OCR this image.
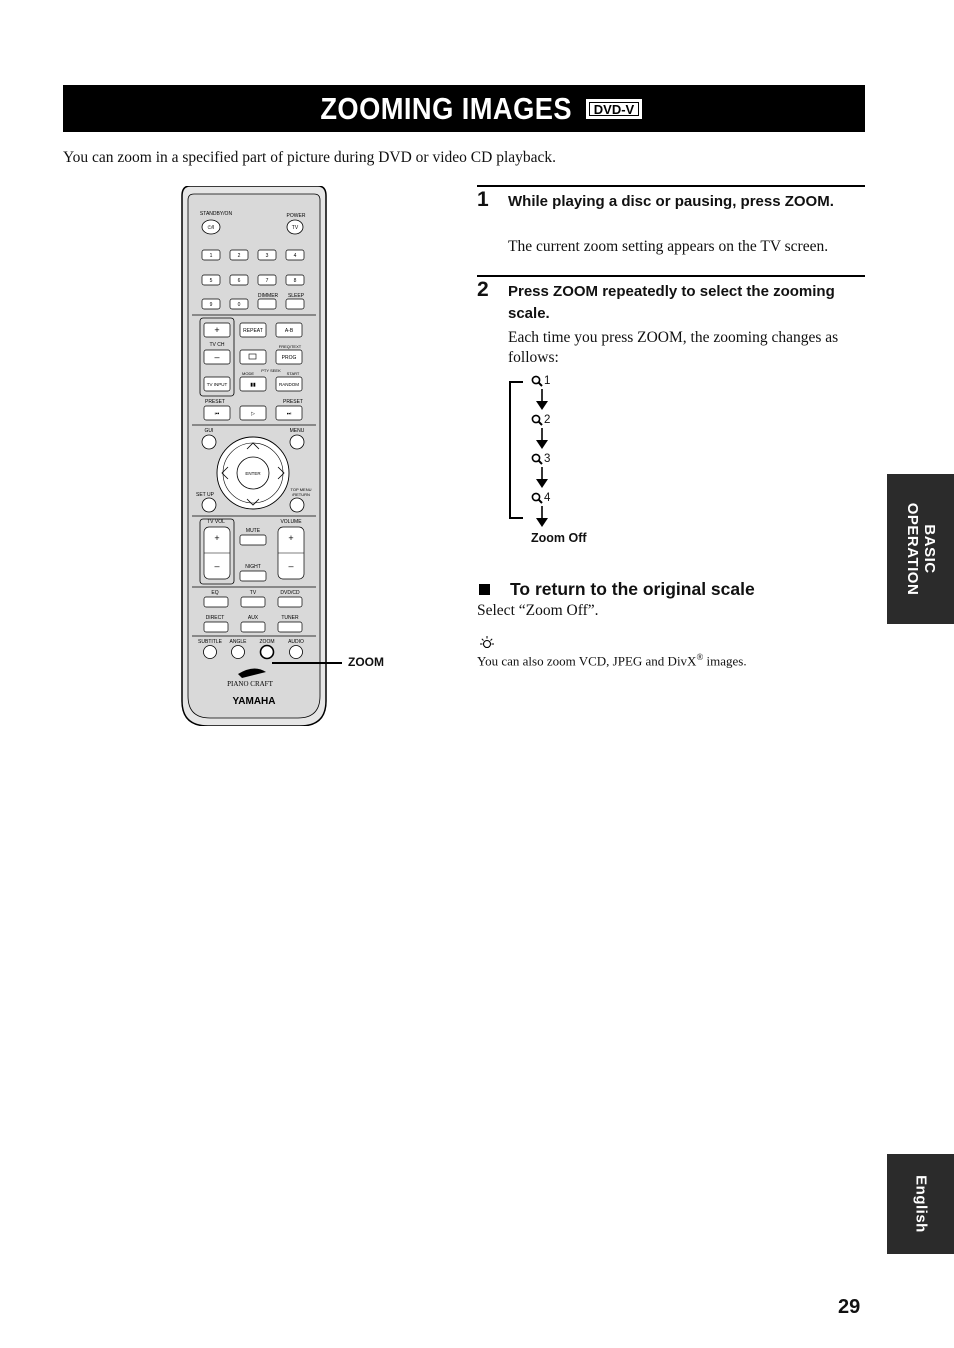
ZOOMING IMAGES	DVD-V

You can zoom in a specified part of picture during DVD or video CD playback.

STANDBY/ON	POWER
⏻/I	TV
1	2	3	4
5	6	7	8
9	0
DIMMER SLEEP
+
TV CH
–
TV INPUT
REPEAT	A-B
FREQ/TEXT
PROG
MODE
PTY SEEK
START
▮▮	RANDOM
PRESET	PRESET
⏮	▷	⏭
GUI	MENU
ENTER
SET UP
TOP MENU
/RETURN
TV VOL
+
–
VOLUME
+
–
MUTE
NIGHT
EQ	TV	DVD/CD
DIRECT	AUX	TUNER
SUBTITLE ANGLE	ZOOM	AUDIO
PIANO CRAFT
YAMAHA
ZOOM
1 While playing a disc or pausing, press ZOOM.
The current zoom setting appears on the TV screen.
2 Press ZOOM repeatedly to select the zooming scale.
Each time you press ZOOM, the zooming changes as follows:
1
2
3
4
Zoom Off
To return to the original scale
Select “Zoom Off”.
You can also zoom VCD, JPEG and DivX® images.
BASIC
OPERATION
English
29
